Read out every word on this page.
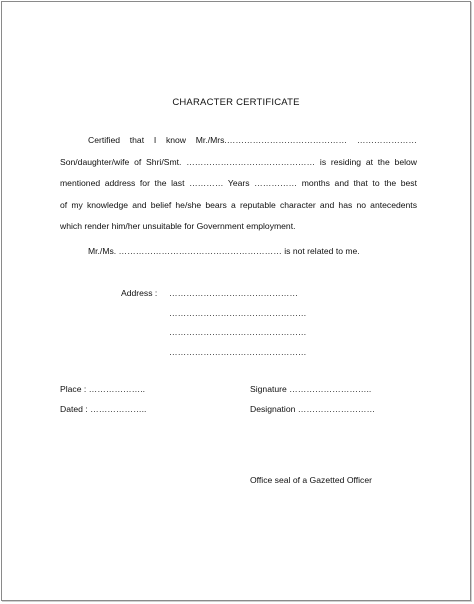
CHARACTER CERTIFICATE
Certified that I know Mr./Mrs.…………………………………… …………………
Son/daughter/wife of Shri/Smt. ……………………………………… is residing at the below
mentioned address for the last ………… Years …………… months and that to the best
of my knowledge and belief he/she bears a reputable character and has no antecedents
which render him/her unsuitable for Government employment.
Mr./Ms. ………………………………………………… is not related to me.
Address : ………………………………………
…………………………………………
…………………………………………
…………………………………………
Place : ………………..
Dated : ………………..
Signature ………………………..
Designation ………………………
Office seal of a Gazetted Officer
